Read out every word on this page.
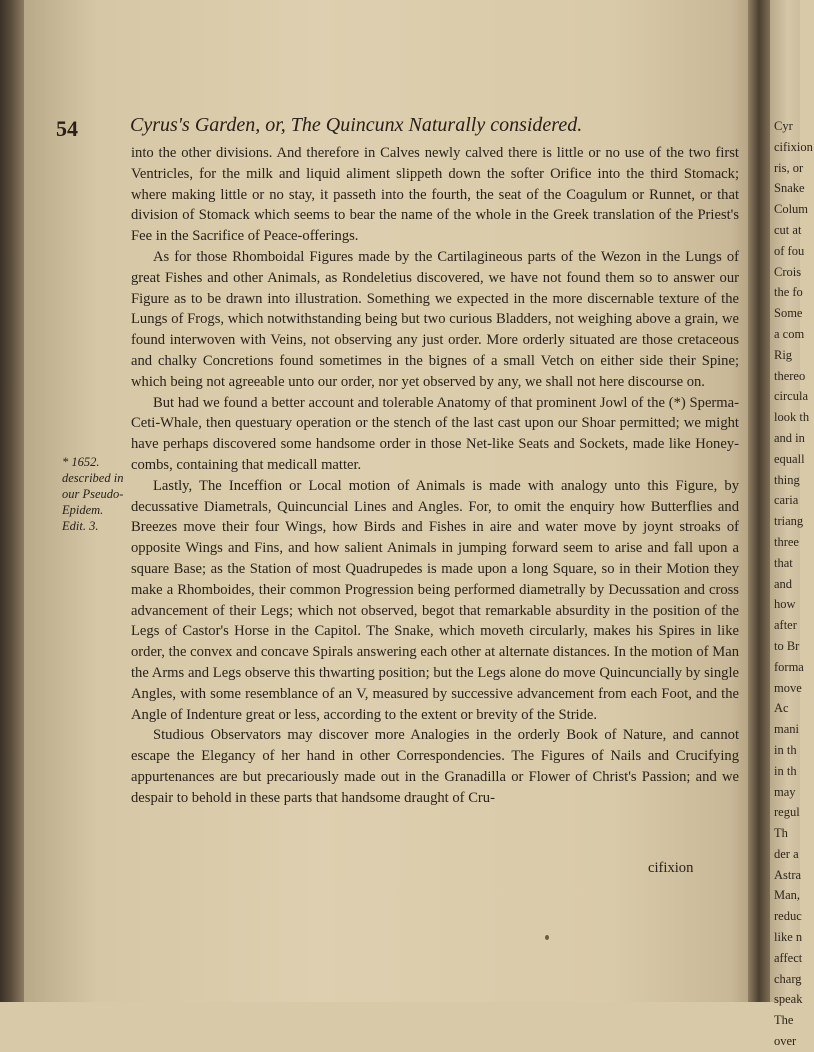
54	Cyrus's Garden, or, The Quincunx Naturally considered.
* 1652. described in our Pseudo-Epidem. Edit. 3.

into the other divisions. And therefore in Calves newly calved there is little or no use of the two first Ventricles, for the milk and liquid aliment slippeth down the softer Orifice into the third Stomack; where making little or no stay, it passeth into the fourth, the seat of the Coagulum or Runnet, or that division of Stomack which seems to bear the name of the whole in the Greek translation of the Priest's Fee in the Sacrifice of Peace-offerings.

As for those Rhomboidal Figures made by the Cartilagineous parts of the Wezon in the Lungs of great Fishes and other Animals, as Rondeletius discovered, we have not found them so to answer our Figure as to be drawn into illustration. Something we expected in the more discernable texture of the Lungs of Frogs, which notwithstanding being but two curious Bladders, not weighing above a grain, we found interwoven with Veins, not observing any just order. More orderly situated are those cretaceous and chalky Concretions found sometimes in the bignes of a small Vetch on either side their Spine; which being not agreeable unto our order, nor yet observed by any, we shall not here discourse on.

But had we found a better account and tolerable Anatomy of that prominent Jowl of the (*) Sperma-Ceti-Whale, then questuary operation or the stench of the last cast upon our Shoar permitted; we might have perhaps discovered some handsome order in those Net-like Seats and Sockets, made like Honey-combs, containing that medicall matter.

Lastly, The Inceffion or Local motion of Animals is made with analogy unto this Figure, by decussative Diametrals, Quincuncial Lines and Angles. For, to omit the enquiry how Butterflies and Breezes move their four Wings, how Birds and Fishes in aire and water move by joynt stroaks of opposite Wings and Fins, and how salient Animals in jumping forward seem to arise and fall upon a square Base; as the Station of most Quadrupedes is made upon a long Square, so in their Motion they make a Rhomboides, their common Progression being performed diametrally by Decussation and cross advancement of their Legs; which not observed, begot that remarkable absurdity in the position of the Legs of Castor's Horse in the Capitol. The Snake, which moveth circularly, makes his Spires in like order, the convex and concave Spirals answering each other at alternate distances. In the motion of Man the Arms and Legs observe this thwarting position; but the Legs alone do move Quincuncially by single Angles, with some resemblance of an V, measured by successive advancement from each Foot, and the Angle of Indenture great or less, according to the extent or brevity of the Stride.

Studious Observators may discover more Analogies in the orderly Book of Nature, and cannot escape the Elegancy of her hand in other Correspondencies. The Figures of Nails and Crucifying appurtenances are but precariously made out in the Granadilla or Flower of Christ's Passion; and we despair to behold in these parts that handsome draught of Cru-

cifixion
Cyr
cifixion
ris, or
Snake
Colum
cut at
of fou
Crois
the fo
Some
a com
Rig
thereo
circula
look th
and in
equall
thing
caria
triang
three
that
and
how
after
to Br
forma
move
Ac
mani
in th
in th
may
regul
Th
der a
Astra
Man,
reduc
like n
affect
charg
speak
The
over
